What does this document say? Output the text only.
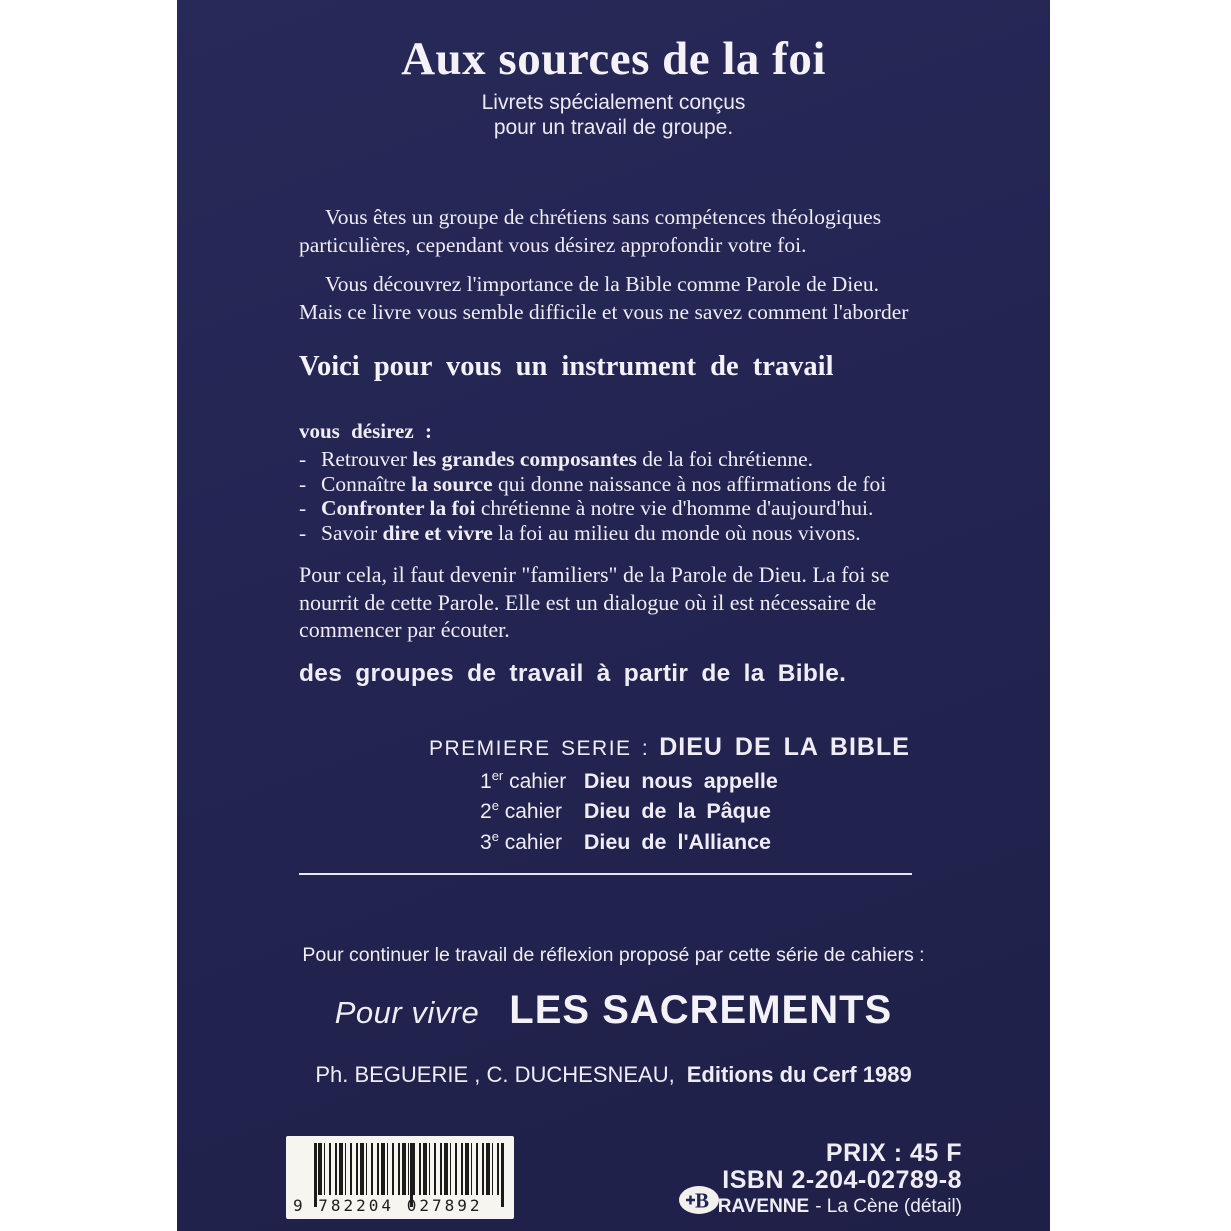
Aux sources de la foi
Livrets spécialement conçus
pour un travail de groupe.
Vous êtes un groupe de chrétiens sans compétences théologiques
particulières, cependant vous désirez approfondir votre foi.
Vous découvrez l'importance de la Bible comme Parole de Dieu.
Mais ce livre vous semble difficile et vous ne savez comment l'aborder
Voici pour vous un instrument de travail
vous désirez :
- Retrouver les grandes composantes de la foi chrétienne.
- Connaître la source qui donne naissance à nos affirmations de foi
- Confronter la foi chrétienne à notre vie d'homme d'aujourd'hui.
- Savoir dire et vivre la foi au milieu du monde où nous vivons.
Pour cela, il faut devenir "familiers" de la Parole de Dieu. La foi se
nourrit de cette Parole. Elle est un dialogue où il est nécessaire de
commencer par écouter.
des groupes de travail à partir de la Bible.
PREMIERE SERIE : DIEU DE LA BIBLE
1er cahier Dieu nous appelle
2e cahier Dieu de la Pâque
3e cahier Dieu de l'Alliance
Pour continuer le travail de réflexion proposé par cette série de cahiers :
Pour vivre LES SACREMENTS
Ph. BEGUERIE , C. DUCHESNEAU, Editions du Cerf 1989
9 782204 027892	B
PRIX : 45 F
ISBN 2-204-02789-8
RAVENNE - La Cène (détail)
